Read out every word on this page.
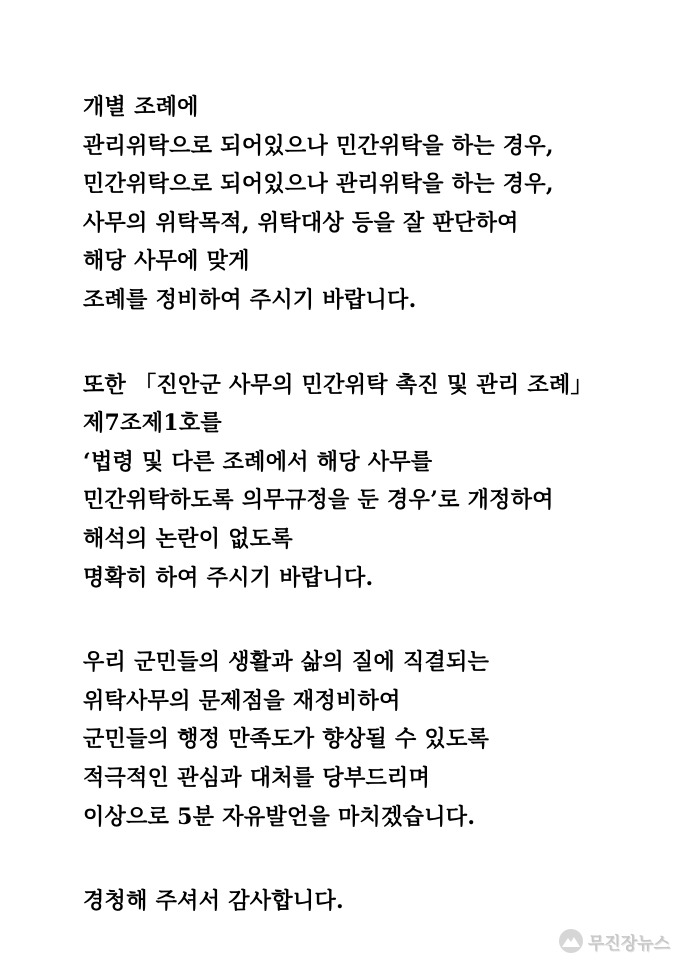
개별 조례에
관리위탁으로 되어있으나 민간위탁을 하는 경우,
민간위탁으로 되어있으나 관리위탁을 하는 경우,
사무의 위탁목적, 위탁대상 등을 잘 판단하여
해당 사무에 맞게
조례를 정비하여 주시기 바랍니다.
또한 「진안군 사무의 민간위탁 촉진 및 관리 조례」
제7조제1호를
‘법령 및 다른 조례에서 해당 사무를
민간위탁하도록 의무규정을 둔 경우’로 개정하여
해석의 논란이 없도록
명확히 하여 주시기 바랍니다.
우리 군민들의 생활과 삶의 질에 직결되는
위탁사무의 문제점을 재정비하여
군민들의 행정 만족도가 향상될 수 있도록
적극적인 관심과 대처를 당부드리며
이상으로 5분 자유발언을 마치겠습니다.
경청해 주셔서 감사합니다.
무진장뉴스
